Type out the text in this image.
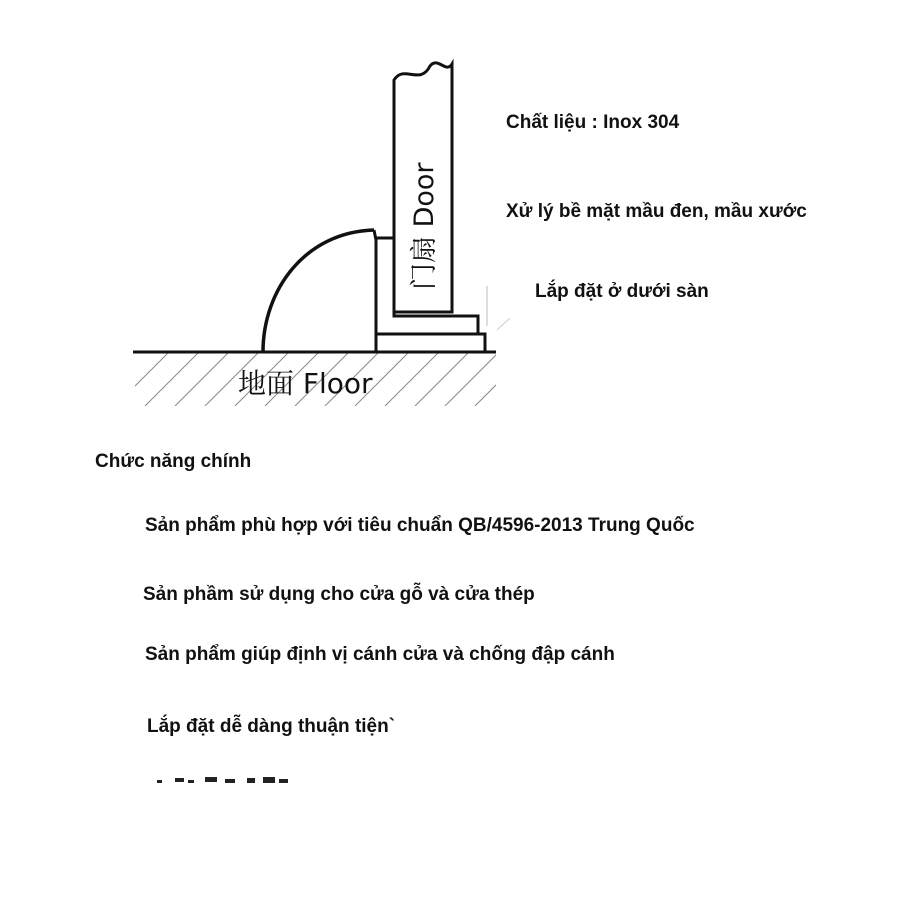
门扇 Door
地面 Floor
Chất liệu : Inox 304
Xử lý bề mặt mầu đen, mầu xước
Lắp đặt ở dưới sàn
Chức năng chính
Sản phẩm phù hợp với tiêu chuẩn QB/4596-2013 Trung Quốc
Sản phầm sử dụng cho cửa gỗ và cửa thép
Sản phẩm giúp định vị cánh cửa và chống đập cánh
Lắp đặt dễ dàng thuận tiện`
